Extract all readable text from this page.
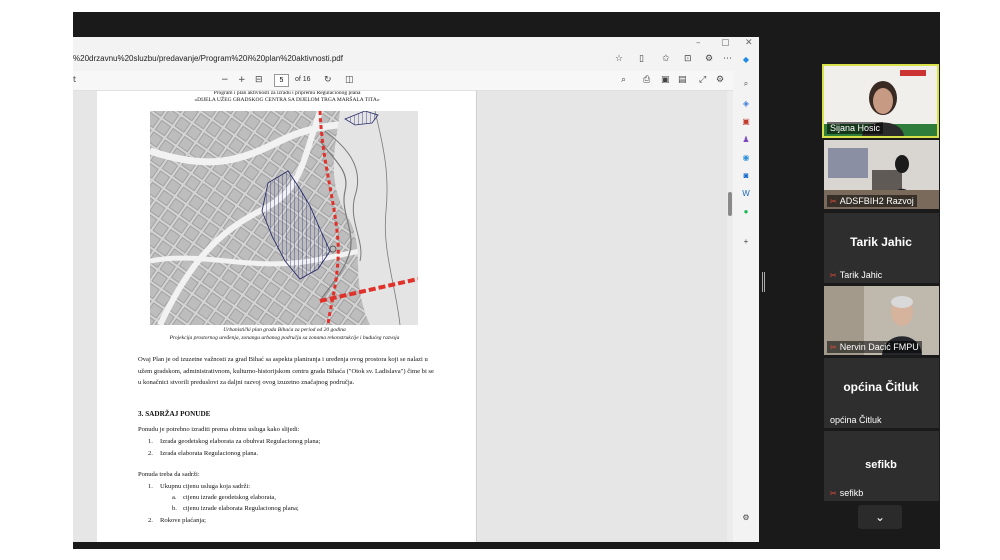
– ▢ ✕
%20drzavnu%20sluzbu/predavanje/Program%20i%20plan%20aktivnosti.pdf	☆ ▯ ✩ ⊡ ⚙ ⋯
t	− + ⊟	5	of 16 ↻ ◫	⌕ ⎙ ▣ ▤ ⤢ ⚙
Program i plan aktivnosti za izradu i pripremu Regulacionog plana
«DIJELA UŽEG GRADSKOG CENTRA SA DIJELOM TRGA MARŠALA TITA»
Urbanistički plan grada Bihaća za period od 20 godina
Projekcija prostornog uređenja, zonangu urbanog području sa zonama rekonstrukcije i budućeg razvoja
Ovaj Plan je od izuzetne važnosti za grad Bihać sa aspekta planiranja i uređenja ovog prostora koji se nalazi u užem gradskom, administrativnom, kulturno-historijskom centru grada Bihaća ("Otok sv. Ladislava") čime bi se u konačnici stvorili preduslovi za daljni razvoj ovog izuzetno značajnog područja.
3. SADRŽAJ PONUDE
Ponudu je potrebno izraditi prema obimu usluga kako slijedi:
1. Izrada geodetskog elaborata za obuhvat Regulacionog plana;
2. Izrada elaborata Regulacionog plana.
Ponuda treba da sadrži:
1. Ukupnu cijenu usluga koja sadrži:
a. cijenu izrade geodetskog elaborata,
b. cijenu izrade elaborata Regulacionog plana;
2. Rokove plaćanja;
◆
⌕
◈
▣
♟
◉
◙
W
●
+
⚙
Sijana Hosic
✂ ADSFBIH2 Razvoj
Tarik Jahic
✂ Tarik Jahic
✂ Nervin Dacić FMPU
općina Čitluk
općina Čitluk
sefikb
✂ sefikb
⌄
